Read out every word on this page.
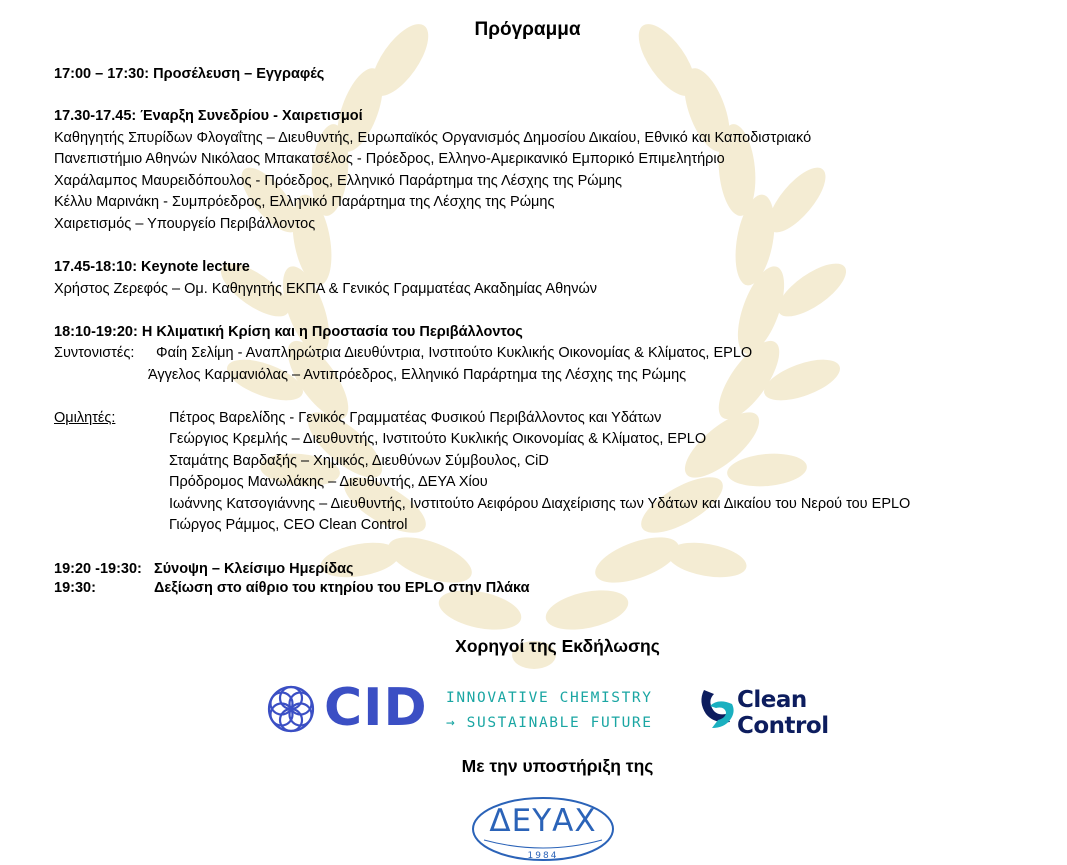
Πρόγραμμα
17:00 – 17:30: Προσέλευση – Εγγραφές
17.30-17.45: Έναρξη Συνεδρίου - Χαιρετισμοί
Καθηγητής Σπυρίδων Φλογαΐτης – Διευθυντής, Ευρωπαϊκός Οργανισμός Δημοσίου Δικαίου, Εθνικό και Καποδιστριακό
Πανεπιστήμιο Αθηνών Νικόλαος Μπακατσέλος - Πρόεδρος, Ελληνο-Αμερικανικό Εμπορικό Επιμελητήριο
Χαράλαμπος Μαυρειδόπουλος - Πρόεδρος, Ελληνικό Παράρτημα της Λέσχης της Ρώμης
Κέλλυ Μαρινάκη - Συμπρόεδρος, Ελληνικό Παράρτημα της Λέσχης της Ρώμης
Χαιρετισμός – Υπουργείο Περιβάλλοντος
17.45-18:10: Keynote lecture
Χρήστος Ζερεφός – Ομ. Καθηγητής ΕΚΠΑ & Γενικός Γραμματέας Ακαδημίας Αθηνών
18:10-19:20: Η Κλιματική Κρίση και η Προστασία του Περιβάλλοντος
Συντονιστές: Φαίη Σελίμη - Αναπληρώτρια Διευθύντρια, Ινστιτούτο Κυκλικής Οικονομίας & Κλίματος, EPLO
Άγγελος Καρμανιόλας – Αντιπρόεδρος, Ελληνικό Παράρτημα της Λέσχης της Ρώμης
Ομιλητές:	Πέτρος Βαρελίδης - Γενικός Γραμματέας Φυσικού Περιβάλλοντος και Υδάτων
Γεώργιος Κρεμλής – Διευθυντής, Ινστιτούτο Κυκλικής Οικονομίας & Κλίματος, EPLO
Σταμάτης Βαρδαξής – Χημικός, Διευθύνων Σύμβουλος, CiD
Πρόδρομος Μανωλάκης – Διευθυντής, ΔΕΥΑ Χίου
Ιωάννης Κατσογιάννης – Διευθυντής, Ινστιτούτο Αειφόρου Διαχείρισης των Υδάτων και Δικαίου του Νερού του EPLO
Γιώργος Ράμμος, CEO Clean Control
19:20 -19:30: Σύνοψη – Κλείσιμο Ημερίδας
19:30:	Δεξίωση στο αίθριο του κτηρίου του EPLO στην Πλάκα
Χορηγοί της Εκδήλωσης
CID INNOVATIVE CHEMISTRY
→ SUSTAINABLE FUTURE
Clean
Control
Με την υποστήριξη της
ΔΕΥΑΧ
1984
